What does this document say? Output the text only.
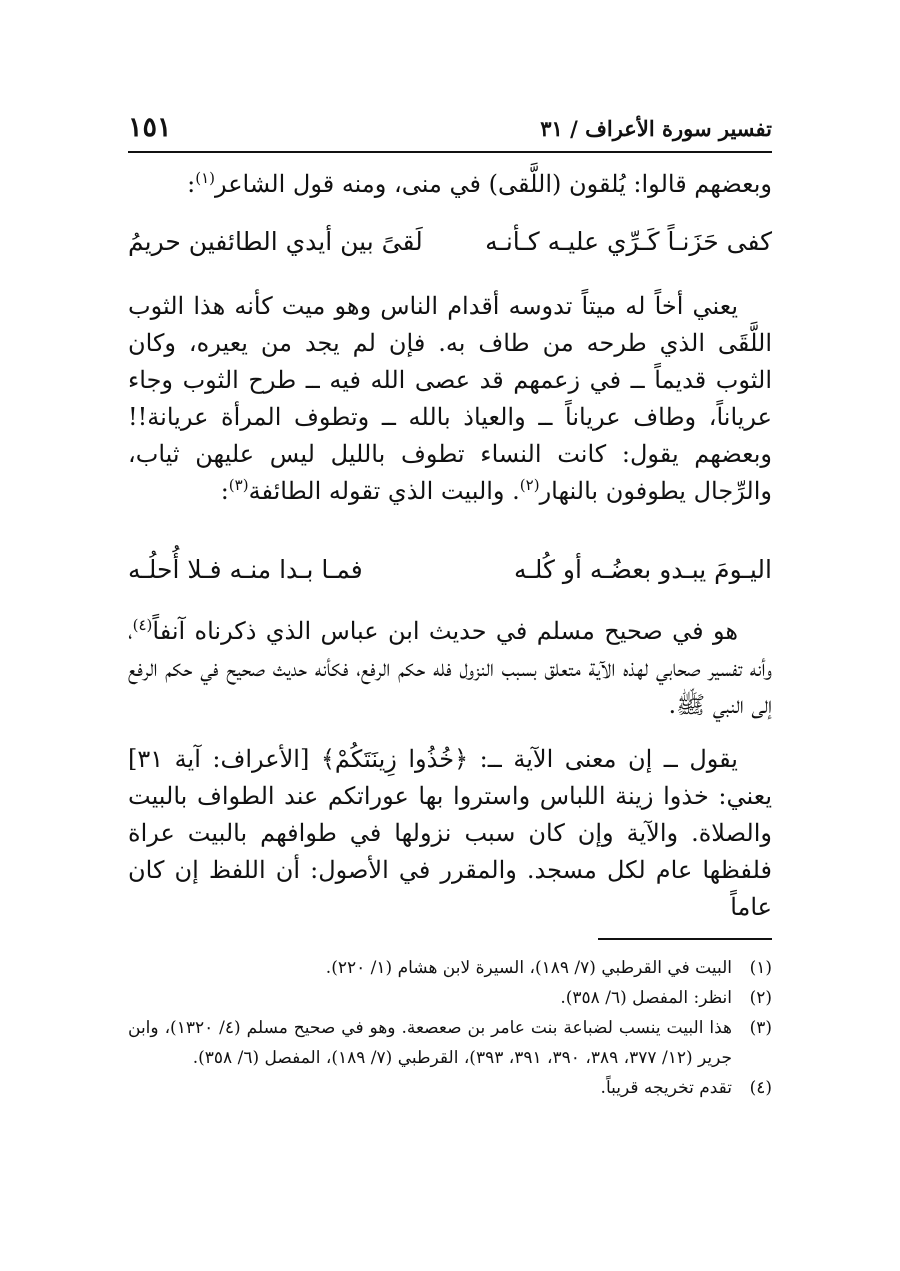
تفسير سورة الأعراف / ٣١
١٥١
وبعضهم قالوا: يُلقون (اللَّقى) في منى، ومنه قول الشاعر$^{(١)}$:
كفى حَزَنـاً كَـرِّي عليـه كـأنـه
لَقىً بين أيدي الطائفين حريمُ
يعني أخاً له ميتاً تدوسه أقدام الناس وهو ميت كأنه هذا الثوب اللَّقَى الذي طرحه من طاف به. فإن لم يجد من يعيره، وكان الثوب قديماً ــ في زعمهم قد عصى الله فيه ــ طرح الثوب وجاء عرياناً، وطاف عرياناً ــ والعياذ بالله ــ وتطوف المرأة عريانة!! وبعضهم يقول: كانت النساء تطوف بالليل ليس عليهن ثياب، والرِّجال يطوفون بالنهار$^{(٢)}$. والبيت الذي تقوله الطائفة$^{(٣)}$:
اليـومَ يبـدو بعضُـه أو كُلـه
فمـا بـدا منـه فـلا أُحلُـه
هو في صحيح مسلم في حديث ابن عباس الذي ذكرناه آنفاً$^{(٤)}$، وأنه تفسير صحابي لهذه الآية متعلق بسبب النزول فله حكم الرفع، فكأنه حديث صحيح في حكم الرفع إلى النبي ﷺ.
يقول ــ إن معنى الآية ــ: ﴿خُذُوا زِينَتَكُمْ﴾ [الأعراف: آية ٣١] يعني: خذوا زينة اللباس واستروا بها عوراتكم عند الطواف بالبيت والصلاة. والآية وإن كان سبب نزولها في طوافهم بالبيت عراة فلفظها عام لكل مسجد. والمقرر في الأصول: أن اللفظ إن كان عاماً
(١)
البيت في القرطبي (٧/ ١٨٩)، السيرة لابن هشام (١/ ٢٢٠).
(٢)
انظر: المفصل (٦/ ٣٥٨).
(٣)
هذا البيت ينسب لضباعة بنت عامر بن صعصعة. وهو في صحيح مسلم (٤/ ١٣٢٠)، وابن جرير (١٢/ ٣٧٧، ٣٨٩، ٣٩٠، ٣٩١، ٣٩٣)، القرطبي (٧/ ١٨٩)، المفصل (٦/ ٣٥٨).
(٤)
تقدم تخريجه قريباً.
